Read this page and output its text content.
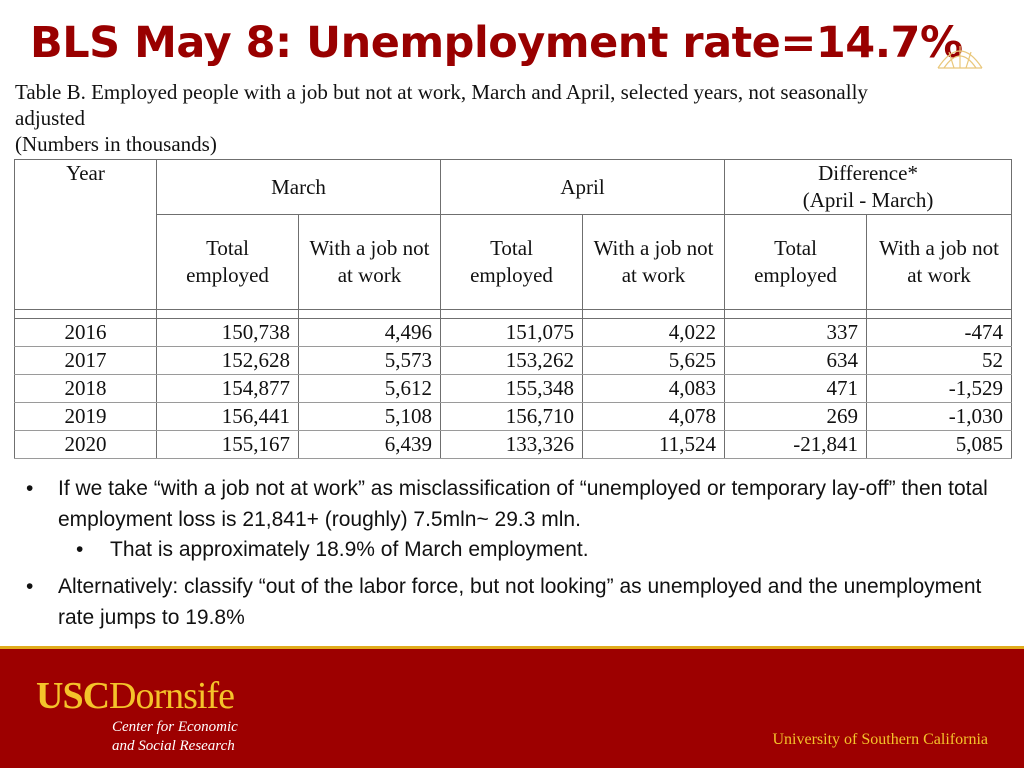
BLS May 8: Unemployment rate=14.7%
Table B. Employed people with a job but not at work, March and April, selected years, not seasonally
adjusted
(Numbers in thousands)
Year	March		April		Difference*
(April - March)	

	Total employed	With a job not at work	Total employed	With a job not at work	Total employed	With a job not at work

2016	150,738	4,496	151,075	4,022	337	-474
2017	152,628	5,573	153,262	5,625	634	52
2018	154,877	5,612	155,348	4,083	471	-1,529
2019	156,441	5,108	156,710	4,078	269	-1,030
2020	155,167	6,439	133,326	11,524	-21,841	5,085
• If we take “with a job not at work” as misclassification of “unemployed or temporary lay-off” then total employment loss is 21,841+ (roughly) 7.5mln~ 29.3 mln.
• That is approximately 18.9% of March employment.
• Alternatively: classify “out of the labor force, but not looking” as unemployed and the unemployment rate jumps to 19.8%
USCDornsife
Center for Economic
and Social Research	University of Southern California
